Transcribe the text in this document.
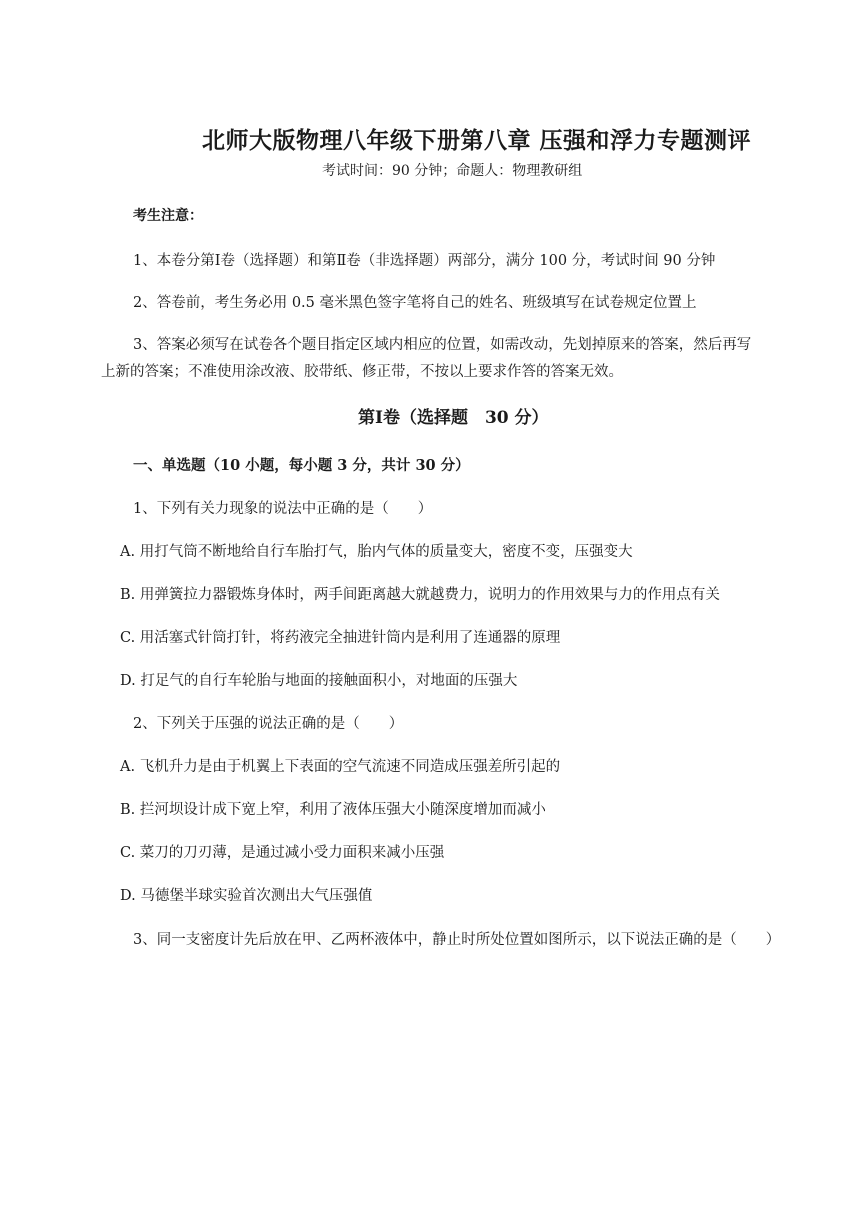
北师大版物理八年级下册第八章 压强和浮力专题测评
考试时间：90 分钟；命题人：物理教研组
考生注意：
1、本卷分第Ⅰ卷（选择题）和第Ⅱ卷（非选择题）两部分，满分 100 分，考试时间 90 分钟
2、答卷前，考生务必用 0.5 毫米黑色签字笔将自己的姓名、班级填写在试卷规定位置上
3、答案必须写在试卷各个题目指定区域内相应的位置，如需改动，先划掉原来的答案，然后再写
上新的答案；不准使用涂改液、胶带纸、修正带，不按以上要求作答的答案无效。
第Ⅰ卷（选择题　30 分）
一、单选题（10 小题，每小题 3 分，共计 30 分）
1、下列有关力现象的说法中正确的是（　　）
A. 用打气筒不断地给自行车胎打气，胎内气体的质量变大，密度不变，压强变大
B. 用弹簧拉力器锻炼身体时，两手间距离越大就越费力，说明力的作用效果与力的作用点有关
C. 用活塞式针筒打针，将药液完全抽进针筒内是利用了连通器的原理
D. 打足气的自行车轮胎与地面的接触面积小，对地面的压强大
2、下列关于压强的说法正确的是（　　）
A. 飞机升力是由于机翼上下表面的空气流速不同造成压强差所引起的
B. 拦河坝设计成下宽上窄，利用了液体压强大小随深度增加而减小
C. 菜刀的刀刃薄，是通过减小受力面积来减小压强
D. 马德堡半球实验首次测出大气压强值
3、同一支密度计先后放在甲、乙两杯液体中，静止时所处位置如图所示，以下说法正确的是（　　）
